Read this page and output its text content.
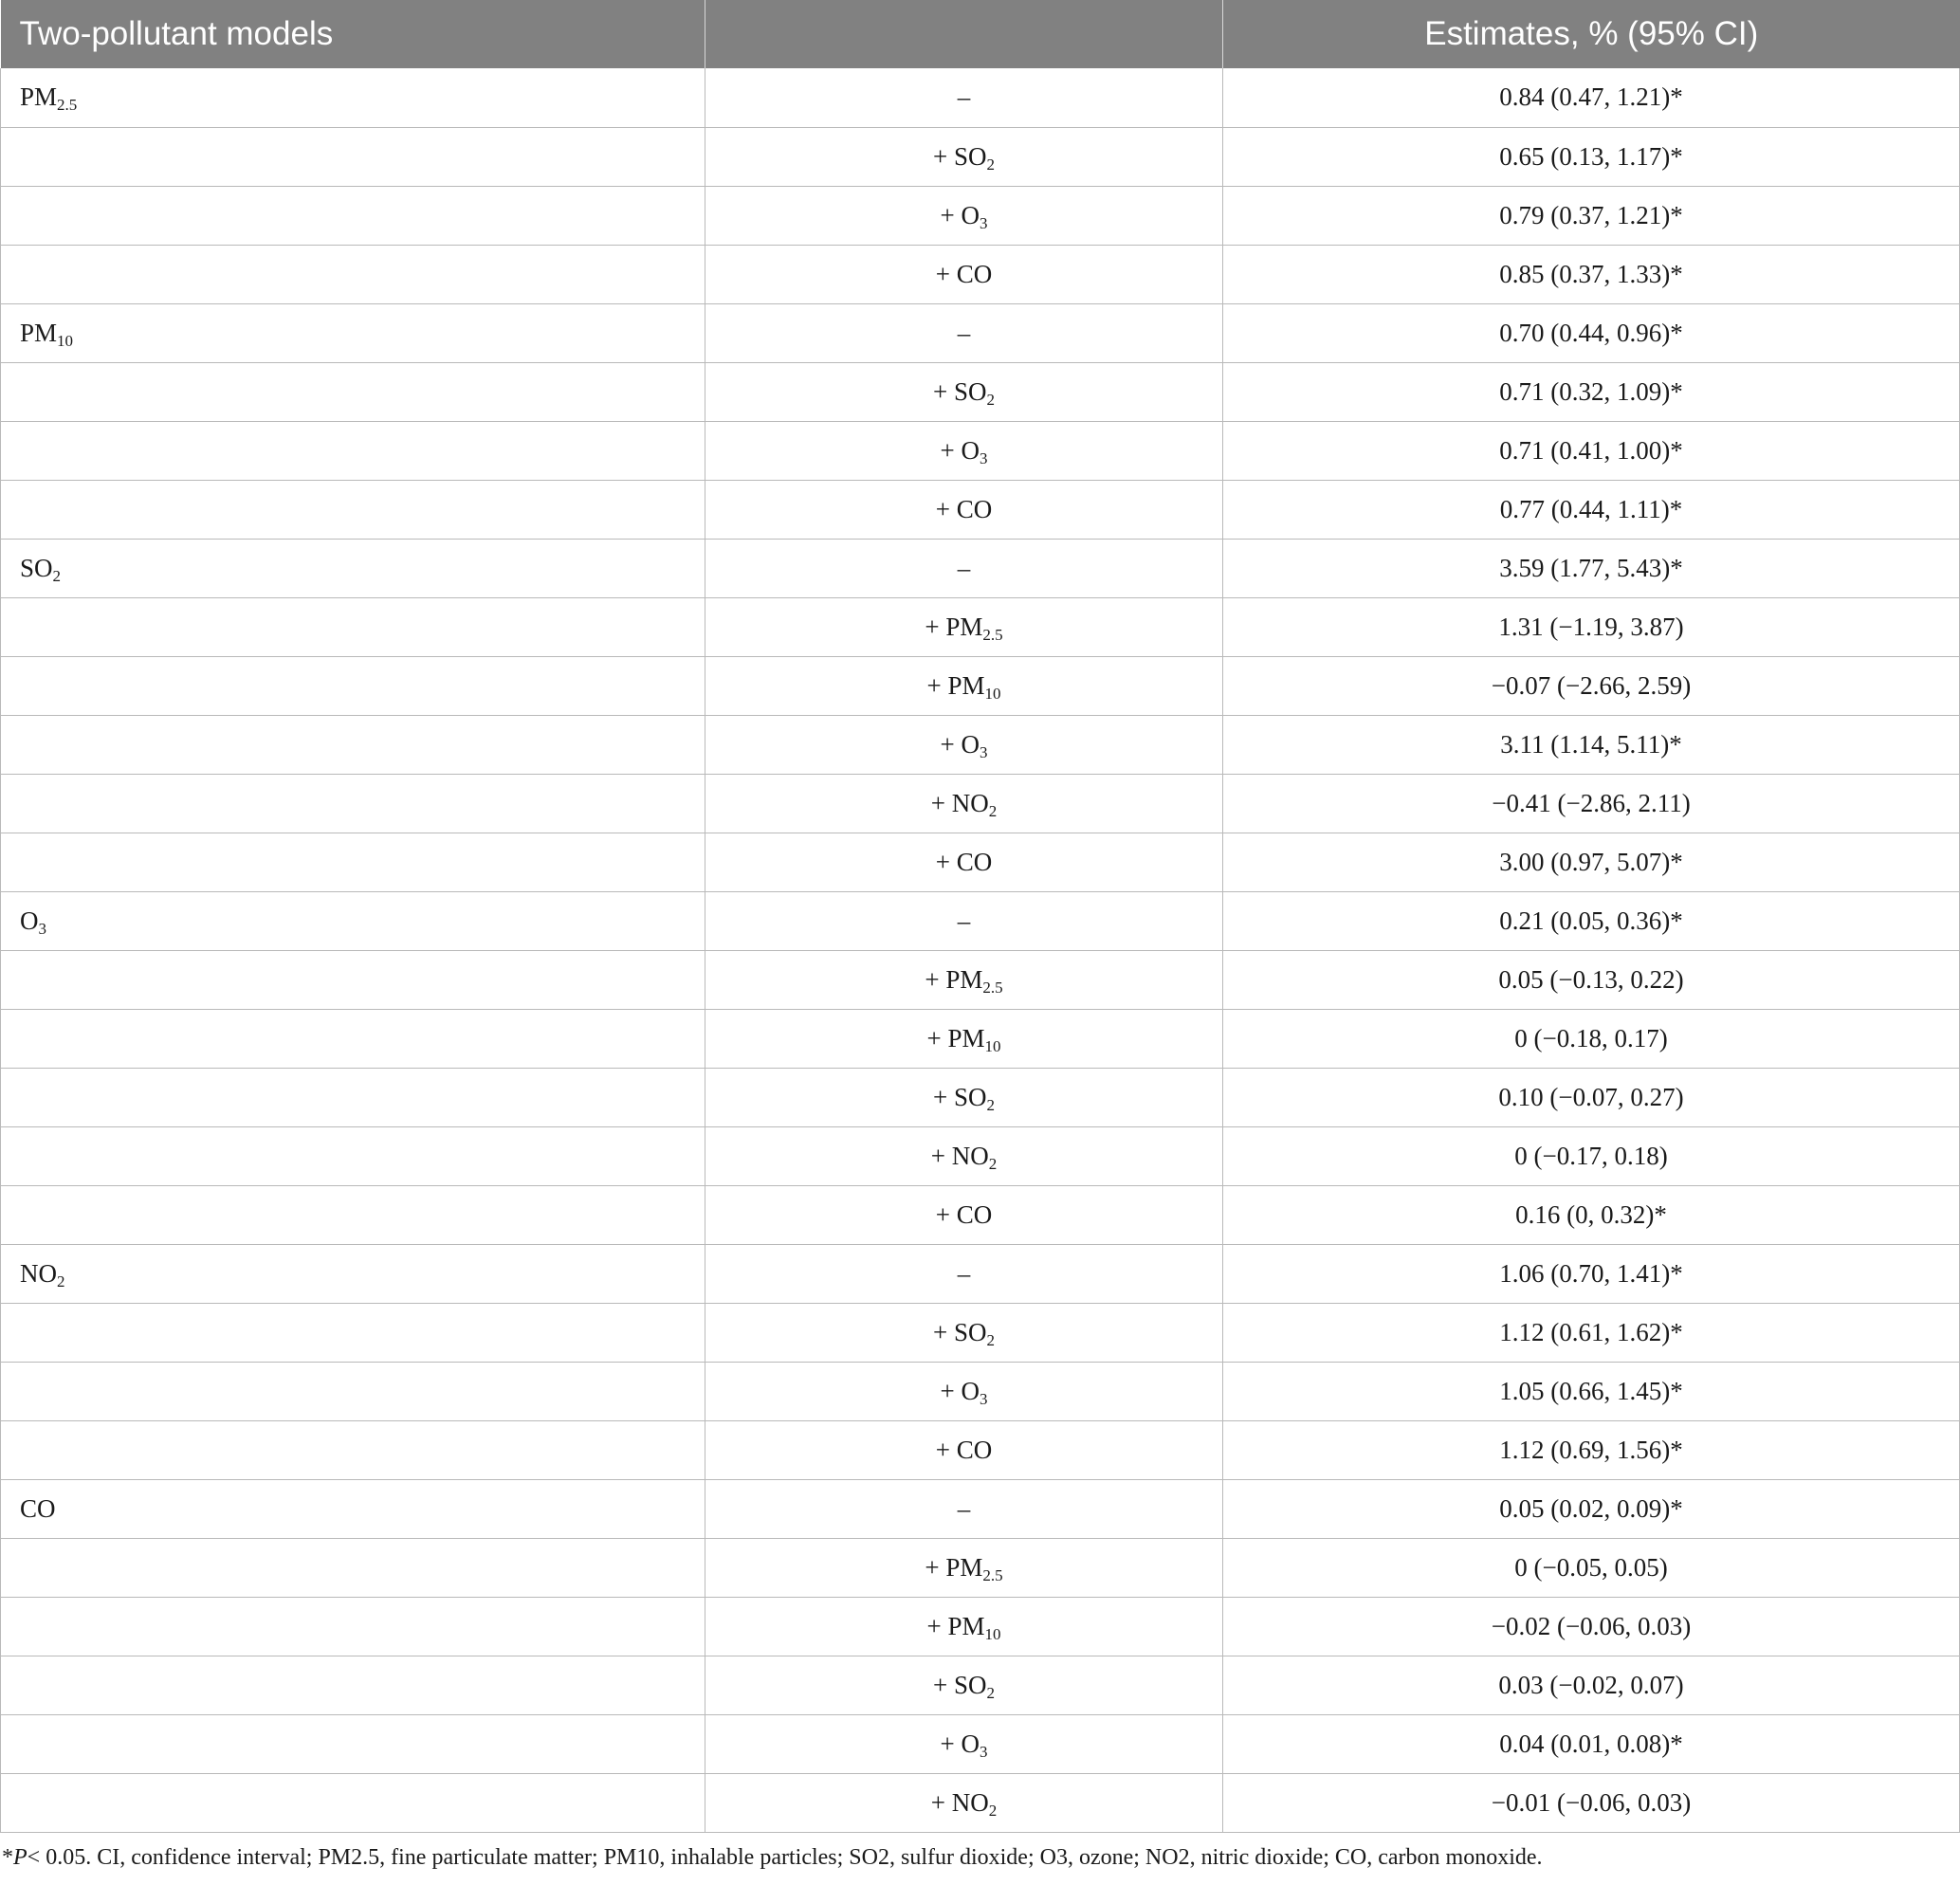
Two-pollutant models		Estimates, % (95% CI)
$PM_{2.5}$	–	0.84 (0.47, 1.21)*
	+ $SO_2$	0.65 (0.13, 1.17)*
	+ $O_3$	0.79 (0.37, 1.21)*
	+ CO	0.85 (0.37, 1.33)*
$PM_{10}$	–	0.70 (0.44, 0.96)*
	+ $SO_2$	0.71 (0.32, 1.09)*
	+ $O_3$	0.71 (0.41, 1.00)*
	+ CO	0.77 (0.44, 1.11)*
$SO_2$	–	3.59 (1.77, 5.43)*
	+ $PM_{2.5}$	1.31 (−1.19, 3.87)
	+ $PM_{10}$	−0.07 (−2.66, 2.59)
	+ $O_3$	3.11 (1.14, 5.11)*
	+ $NO_2$	−0.41 (−2.86, 2.11)
	+ CO	3.00 (0.97, 5.07)*
$O_3$	–	0.21 (0.05, 0.36)*
	+ $PM_{2.5}$	0.05 (−0.13, 0.22)
	+ $PM_{10}$	0 (−0.18, 0.17)
	+ $SO_2$	0.10 (−0.07, 0.27)
	+ $NO_2$	0 (−0.17, 0.18)
	+ CO	0.16 (0, 0.32)*
$NO_2$	–	1.06 (0.70, 1.41)*
	+ $SO_2$	1.12 (0.61, 1.62)*
	+ $O_3$	1.05 (0.66, 1.45)*
	+ CO	1.12 (0.69, 1.56)*
CO	–	0.05 (0.02, 0.09)*
	+ $PM_{2.5}$	0 (−0.05, 0.05)
	+ $PM_{10}$	−0.02 (−0.06, 0.03)
	+ $SO_2$	0.03 (−0.02, 0.07)
	+ $O_3$	0.04 (0.01, 0.08)*
	+ $NO_2$	−0.01 (−0.06, 0.03)
*P< 0.05. CI, confidence interval; PM2.5, fine particulate matter; PM10, inhalable particles; SO2, sulfur dioxide; O3, ozone; NO2, nitric dioxide; CO, carbon monoxide.
